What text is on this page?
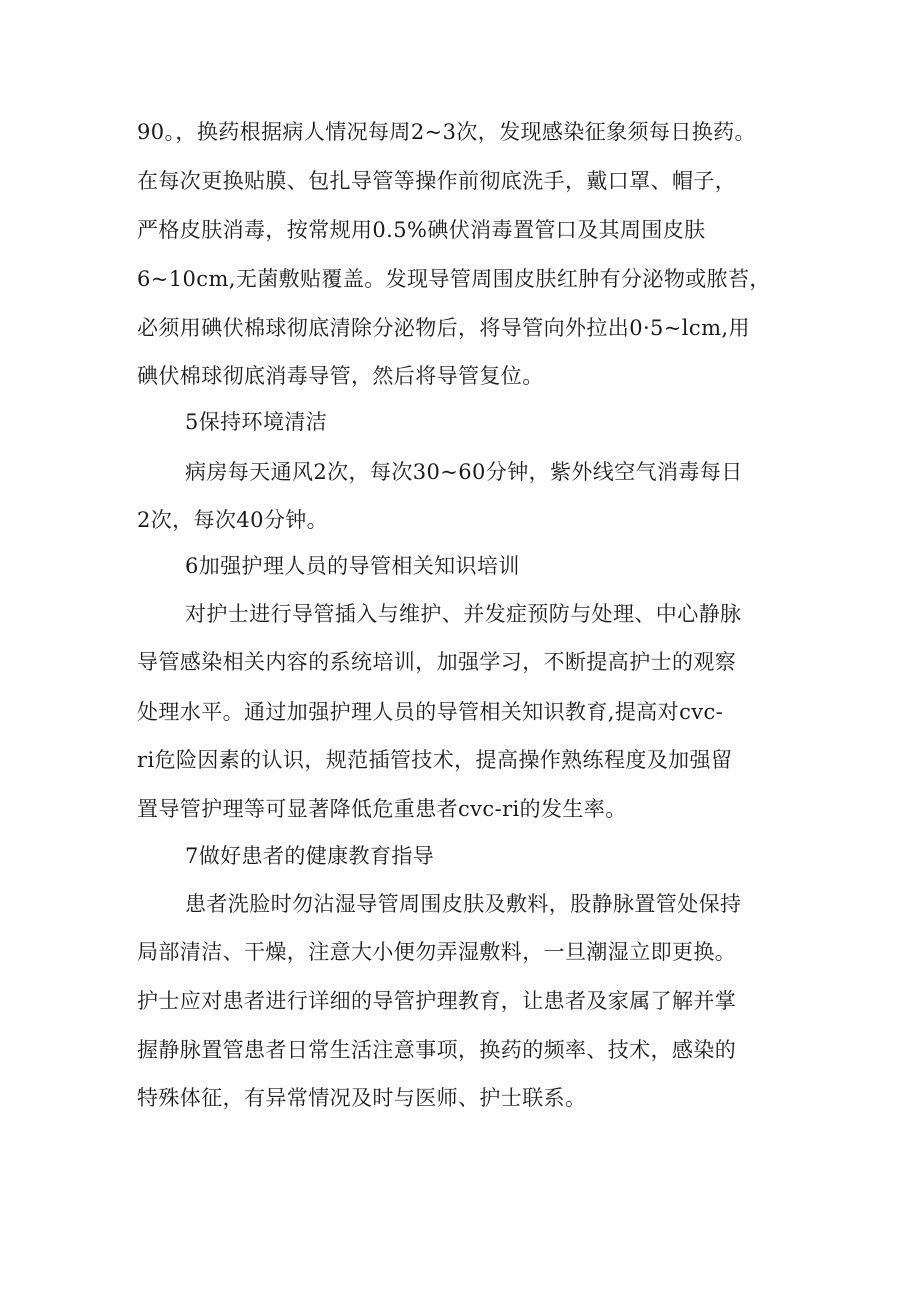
90。，换药根据病人情况每周2~3次，发现感染征象须每日换药。
在每次更换贴膜、包扎导管等操作前彻底洗手，戴口罩、帽子，
严格皮肤消毒，按常规用0.5%碘伏消毒置管口及其周围皮肤
6~10cm,无菌敷贴覆盖。发现导管周围皮肤红肿有分泌物或脓苔，
必须用碘伏棉球彻底清除分泌物后，将导管向外拉出0·5~lcm,用
碘伏棉球彻底消毒导管，然后将导管复位。
5保持环境清洁
病房每天通风2次，每次30~60分钟，紫外线空气消毒每日
2次，每次40分钟。
6加强护理人员的导管相关知识培训
对护士进行导管插入与维护、并发症预防与处理、中心静脉
导管感染相关内容的系统培训，加强学习，不断提高护士的观察
处理水平。通过加强护理人员的导管相关知识教育,提高对cvc-
ri危险因素的认识，规范插管技术，提高操作熟练程度及加强留
置导管护理等可显著降低危重患者cvc-ri的发生率。
7做好患者的健康教育指导
患者洗脸时勿沾湿导管周围皮肤及敷料，股静脉置管处保持
局部清洁、干燥，注意大小便勿弄湿敷料，一旦潮湿立即更换。
护士应对患者进行详细的导管护理教育，让患者及家属了解并掌
握静脉置管患者日常生活注意事项，换药的频率、技术，感染的
特殊体征，有异常情况及时与医师、护士联系。
